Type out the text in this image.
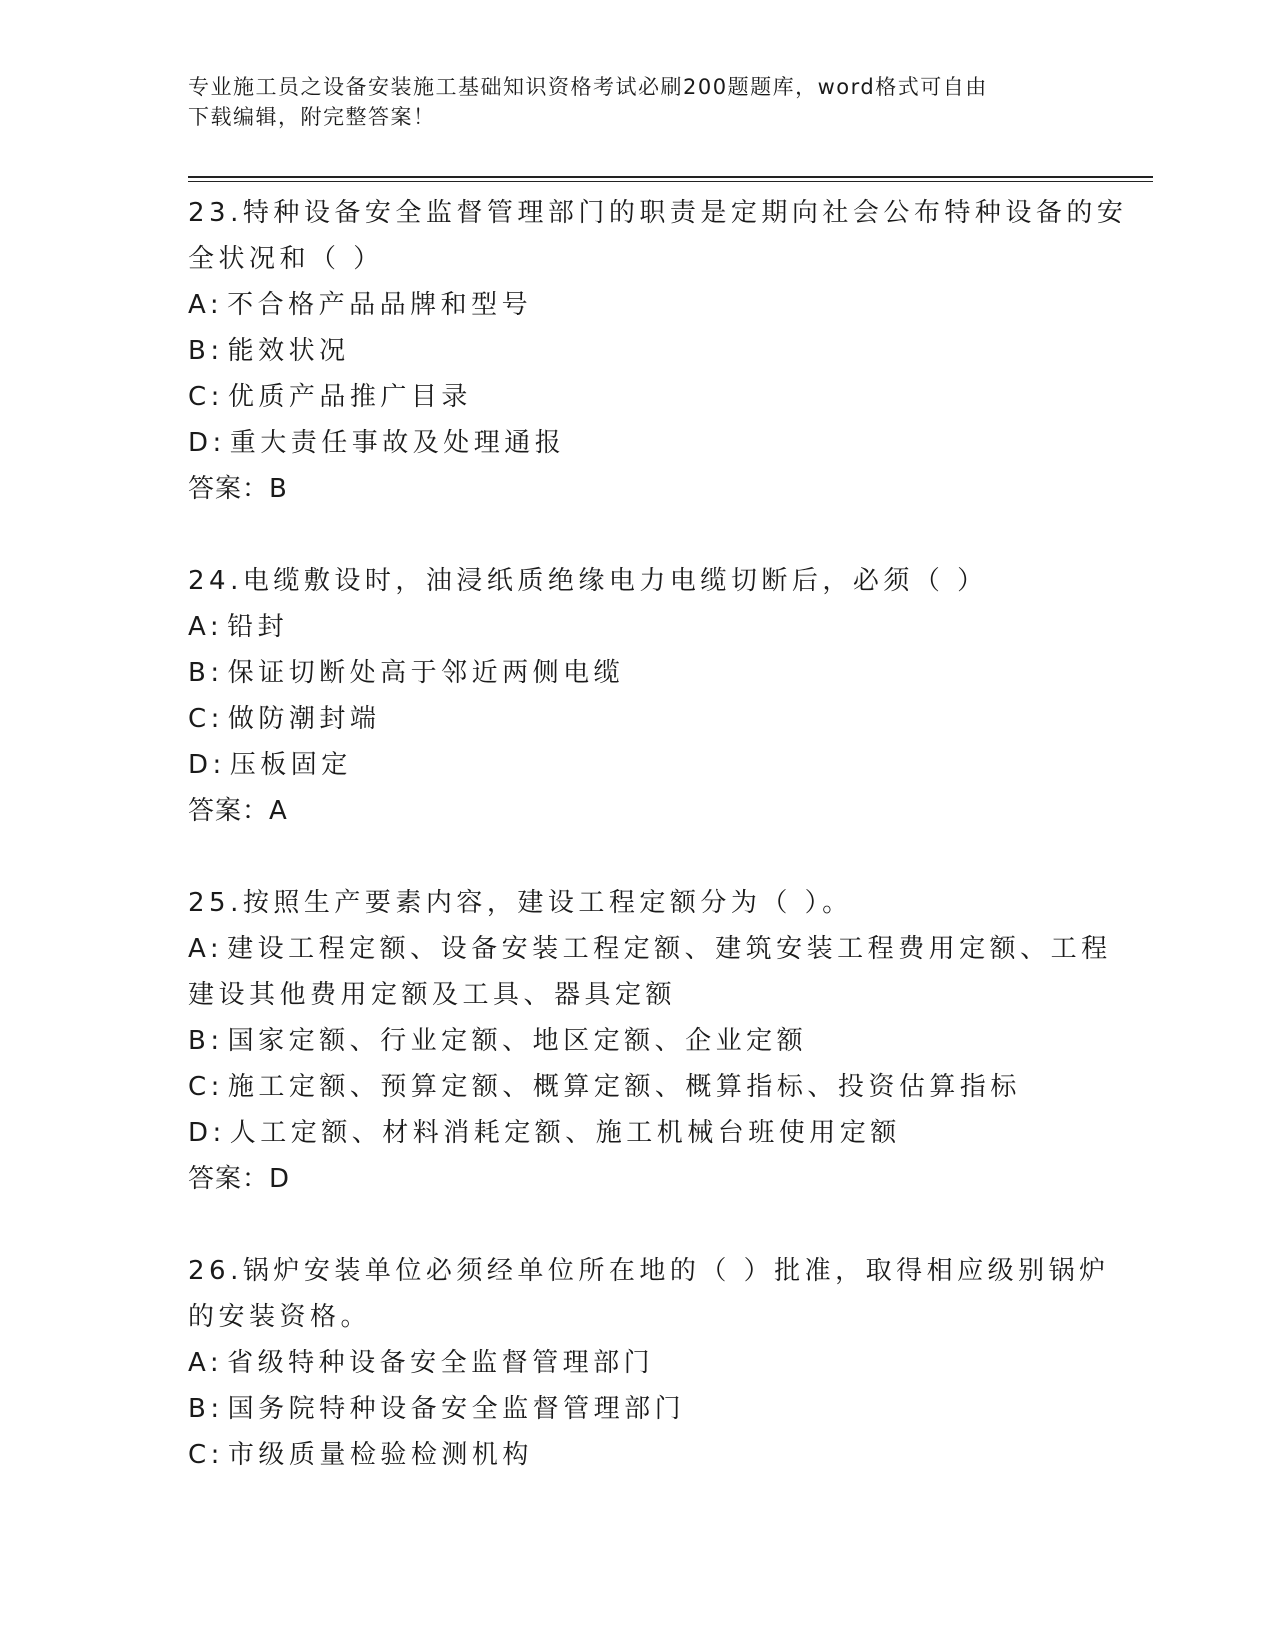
专业施工员之设备安装施工基础知识资格考试必刷200题题库，word格式可自由
下载编辑，附完整答案！
23.特种设备安全监督管理部门的职责是定期向社会公布特种设备的安
全状况和（ ）
A: 不合格产品品牌和型号
B: 能效状况
C: 优质产品推广目录
D: 重大责任事故及处理通报
答案：B
24.电缆敷设时，油浸纸质绝缘电力电缆切断后，必须（ ）
A: 铅封
B: 保证切断处高于邻近两侧电缆
C: 做防潮封端
D: 压板固定
答案：A
25.按照生产要素内容，建设工程定额分为（ ）。
A: 建设工程定额、设备安装工程定额、建筑安装工程费用定额、工程
建设其他费用定额及工具、器具定额
B: 国家定额、行业定额、地区定额、企业定额
C: 施工定额、预算定额、概算定额、概算指标、投资估算指标
D: 人工定额、材料消耗定额、施工机械台班使用定额
答案：D
26.锅炉安装单位必须经单位所在地的（ ）批准，取得相应级别锅炉
的安装资格。
A: 省级特种设备安全监督管理部门
B: 国务院特种设备安全监督管理部门
C: 市级质量检验检测机构
